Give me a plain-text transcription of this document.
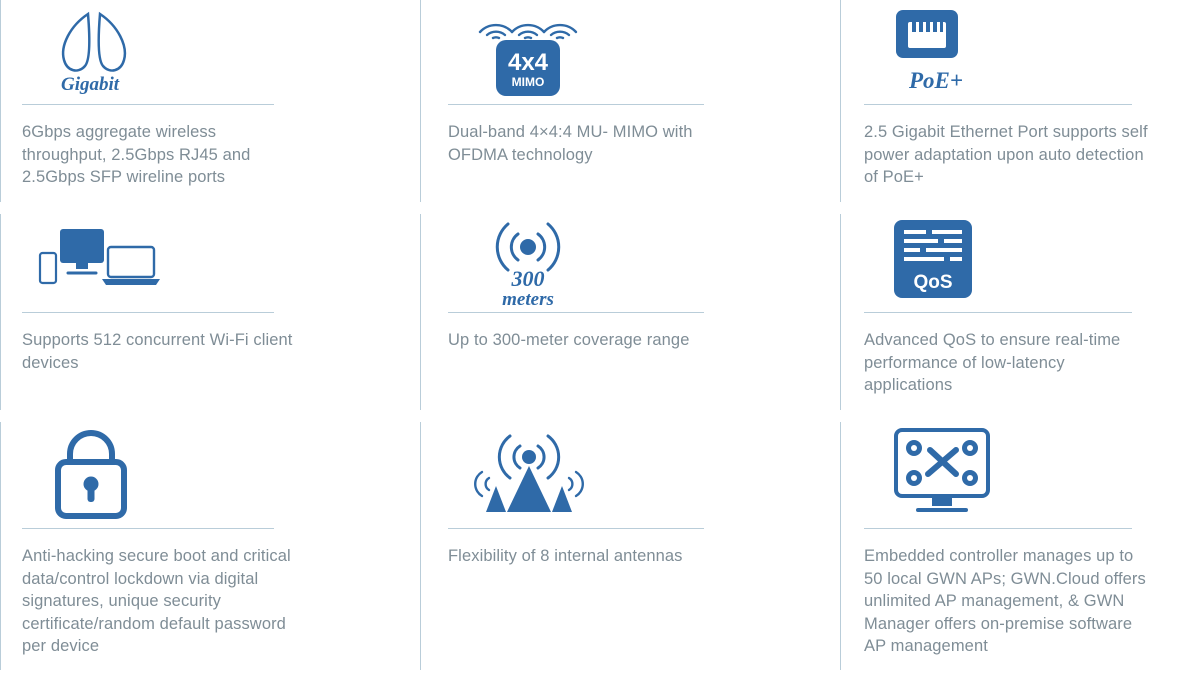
Gigabit
6Gbps aggregate wireless throughput, 2.5Gbps RJ45 and 2.5Gbps SFP wireline ports
4x4
MIMO
Dual-band 4×4:4 MU- MIMO with OFDMA technology
PoE+
2.5 Gigabit Ethernet Port supports self power adaptation upon auto detection of PoE+
Supports 512 concurrent Wi-Fi client devices
300
meters
Up to 300-meter coverage range
QoS
Advanced QoS to ensure real-time performance of low-latency applications
Anti-hacking secure boot and critical data/control lockdown via digital signatures, unique security certificate/random default password per device
Flexibility of 8 internal antennas	Embedded controller manages up to 50 local GWN APs; GWN.Cloud offers unlimited AP management, & GWN Manager offers on-premise software AP management
